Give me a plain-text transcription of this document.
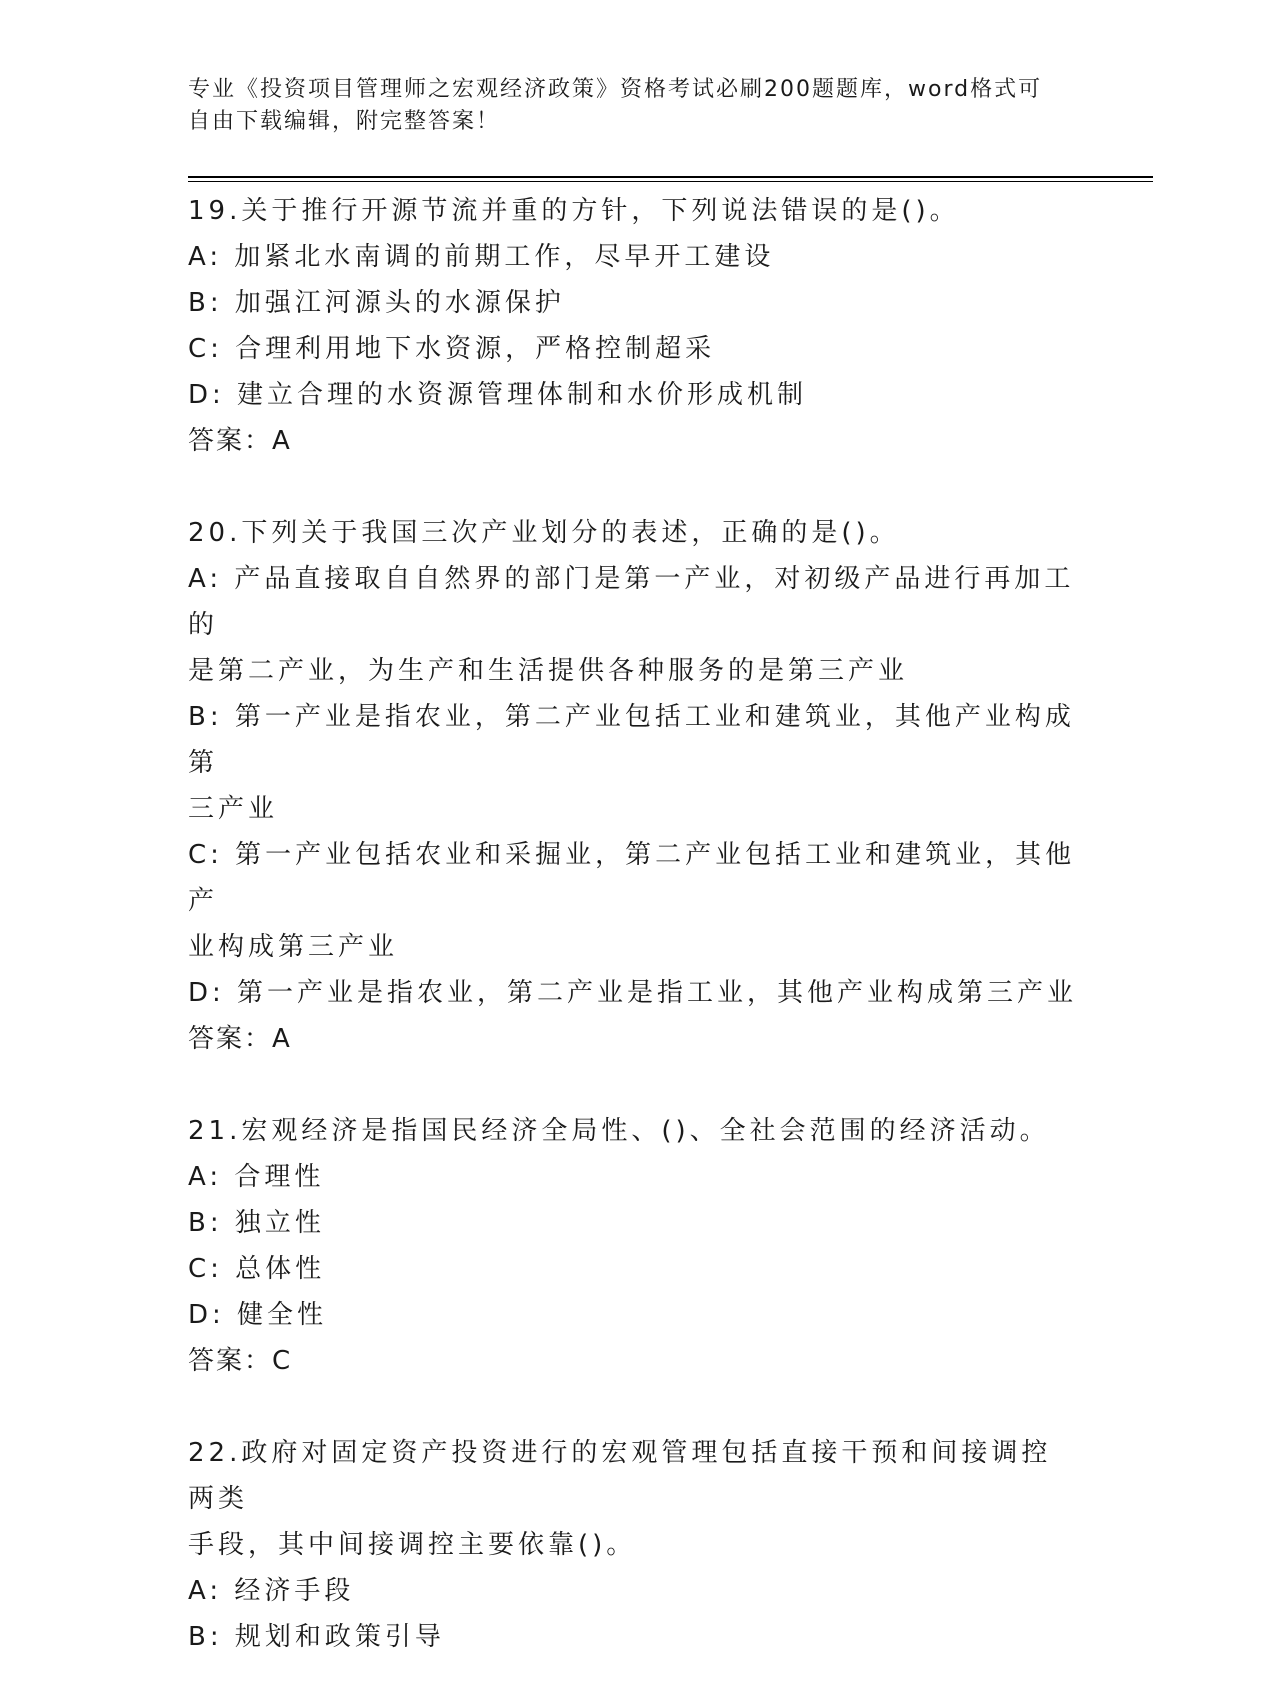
专业《投资项目管理师之宏观经济政策》资格考试必刷200题题库，word格式可
自由下载编辑，附完整答案！
19.关于推行开源节流并重的方针，下列说法错误的是()。
A: 加紧北水南调的前期工作，尽早开工建设
B: 加强江河源头的水源保护
C: 合理利用地下水资源，严格控制超采
D: 建立合理的水资源管理体制和水价形成机制
答案：A
20.下列关于我国三次产业划分的表述，正确的是()。
A: 产品直接取自自然界的部门是第一产业，对初级产品进行再加工的
是第二产业，为生产和生活提供各种服务的是第三产业
B: 第一产业是指农业，第二产业包括工业和建筑业，其他产业构成第
三产业
C: 第一产业包括农业和采掘业，第二产业包括工业和建筑业，其他产
业构成第三产业
D: 第一产业是指农业，第二产业是指工业，其他产业构成第三产业
答案：A
21.宏观经济是指国民经济全局性、()、全社会范围的经济活动。
A: 合理性
B: 独立性
C: 总体性
D: 健全性
答案：C
22.政府对固定资产投资进行的宏观管理包括直接干预和间接调控两类
手段，其中间接调控主要依靠()。
A: 经济手段
B: 规划和政策引导
